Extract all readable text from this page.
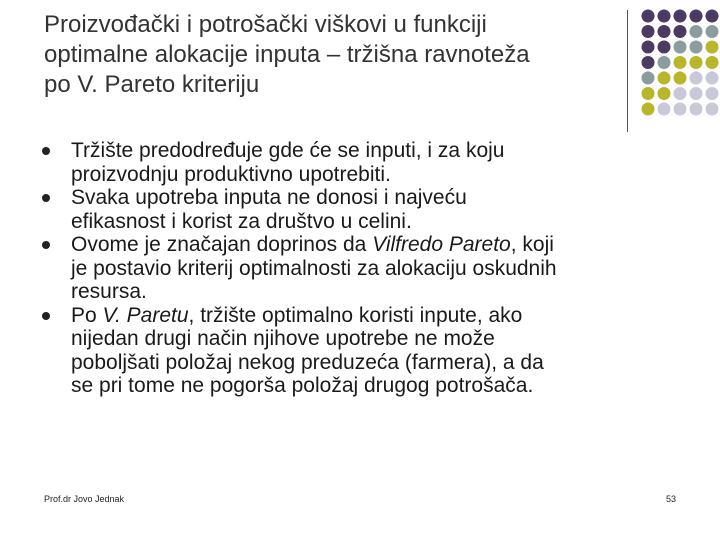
Proizvođački i potrošački viškovi u funkciji
optimalne alokacije inputa – tržišna ravnoteža
po V. Pareto kriteriju
Tržište predodređuje gde će se inputi, i za koju
proizvodnju produktivno upotrebiti.
Svaka upotreba inputa ne donosi i najveću
efikasnost i korist za društvo u celini.
Ovome je značajan doprinos da Vilfredo Pareto, koji
je postavio kriterij optimalnosti za alokaciju oskudnih
resursa.
Po V. Paretu, tržište optimalno koristi inpute, ako
nijedan drugi način njihove upotrebe ne može
poboljšati položaj nekog preduzeća (farmera), a da
se pri tome ne pogorša položaj drugog potrošača.
Prof.dr Jovo Jednak	53
